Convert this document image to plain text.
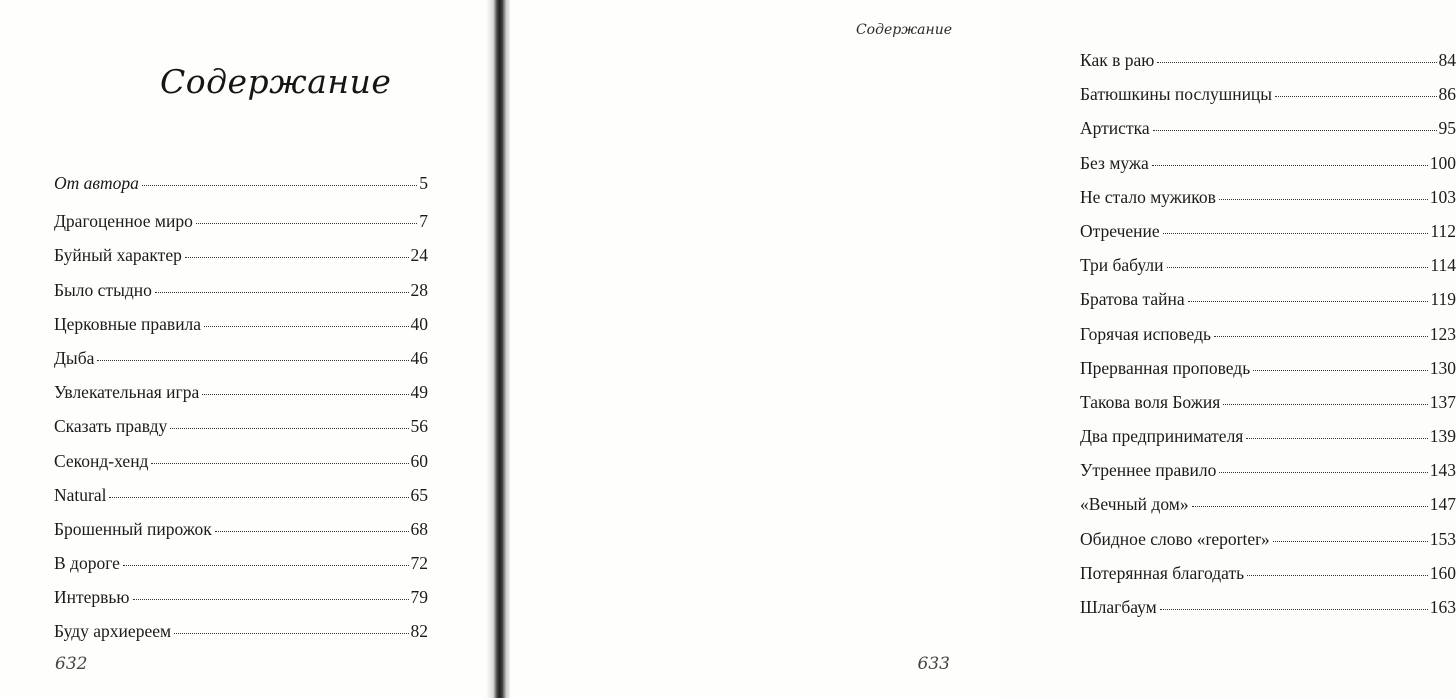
Содержание
От автора	5
Драгоценное миро	7
Буйный характер	24
Было стыдно	28
Церковные правила	40
Дыба	46
Увлекательная игра	49
Сказать правду	56
Секонд-хенд	60
Natural	65
Брошенный пирожок	68
В дороге	72
Интервью	79
Буду архиереем	82
632
Содержание
Как в раю	84
Батюшкины послушницы	86
Артистка	95
Без мужа	100
Не стало мужиков	103
Отречение	112
Три бабули	114
Братова тайна	119
Горячая исповедь	123
Прерванная проповедь	130
Такова воля Божия	137
Два предпринимателя	139
Утреннее правило	143
«Вечный дом»	147
Обидное слово «reporter»	153
Потерянная благодать	160
Шлагбаум	163
633
